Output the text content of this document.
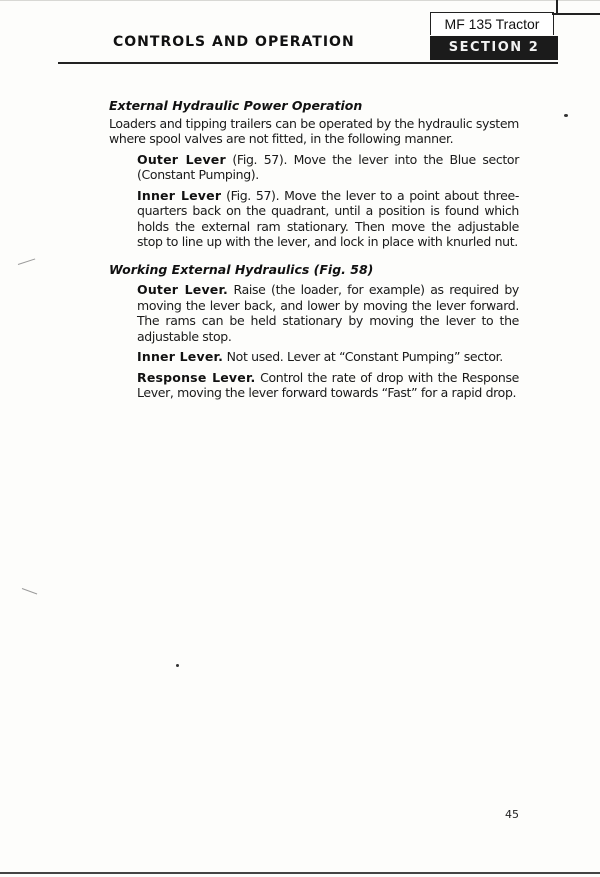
CONTROLS AND OPERATION
MF 135 Tractor
SECTION 2
External Hydraulic Power Operation

Loaders and tipping trailers can be operated by the hydraulic system where spool valves are not fitted, in the following manner.

Outer Lever (Fig. 57). Move the lever into the Blue sector (Constant Pumping).

Inner Lever (Fig. 57). Move the lever to a point about three-quarters back on the quadrant, until a position is found which holds the external ram stationary. Then move the adjustable stop to line up with the lever, and lock in place with knurled nut.

Working External Hydraulics (Fig. 58)

Outer Lever. Raise (the loader, for example) as required by moving the lever back, and lower by moving the lever forward. The rams can be held stationary by moving the lever to the adjustable stop.

Inner Lever. Not used. Lever at “Constant Pumping” sector.

Response Lever. Control the rate of drop with the Response Lever, moving the lever forward towards “Fast” for a rapid drop.

45
